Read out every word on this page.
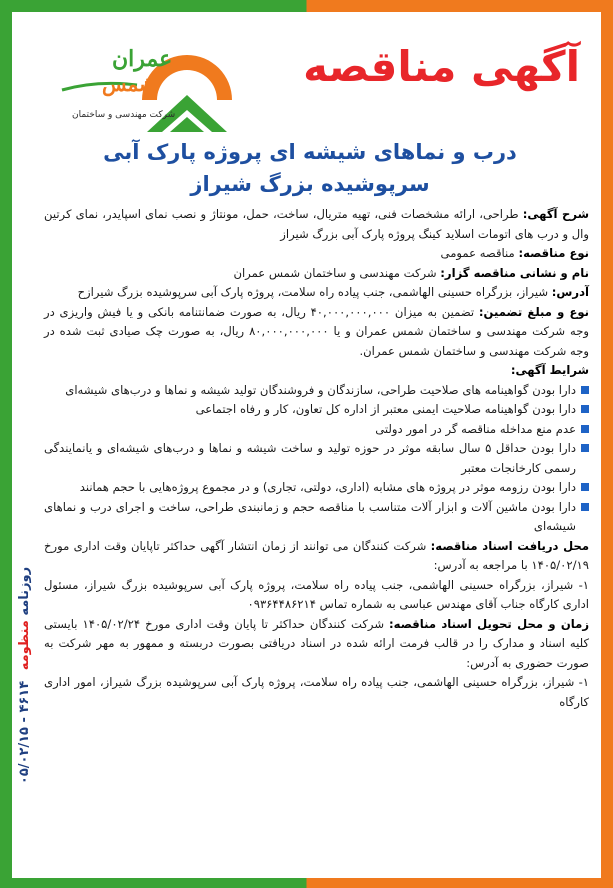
روزنامه منظومه ۰۵/۰۲/۱۵ - ۴۶۱۴
عمران
شمس
شرکت مهندسی و ساختمان
آگهی مناقصه
درب و نماهای شیشه ای پروژه پارک آبی
سرپوشیده بزرگ شیراز

شرح آگهی: طراحی، ارائه مشخصات فنی، تهیه متریال، ساخت، حمل، مونتاژ و نصب نمای اسپایدر، نمای کرتین وال و درب های اتومات اسلاید کینگ پروژه پارک آبی بزرگ شیراز

نوع مناقصه: مناقصه عمومی

نام و نشانی مناقصه گزار: شرکت مهندسی و ساختمان شمس عمران

آدرس: شیراز، بزرگراه حسینی الهاشمی، جنب پیاده راه سلامت، پروژه پارک آبی سرپوشیده بزرگ شیرازح

نوع و مبلغ تضمین: تضمین به میزان ۴۰,۰۰۰,۰۰۰,۰۰۰ ریال، به صورت ضمانتنامه بانکی و یا فیش واریزی در وجه شرکت مهندسی و ساختمان شمس عمران و یا ۸۰,۰۰۰,۰۰۰,۰۰۰ ریال، به صورت چک صیادی ثبت شده در وجه شرکت مهندسی و ساختمان شمس عمران.

شرایط آگهی:

دارا بودن گواهینامه های صلاحیت طراحی، سازندگان و فروشندگان تولید شیشه و نماها و درب‌های شیشه‌ای

دارا بودن گواهینامه صلاحیت ایمنی معتبر از اداره کل تعاون، کار و رفاه اجتماعی

عدم منع مداخله مناقصه گر در امور دولتی

دارا بودن حداقل ۵ سال سابقه موثر در حوزه تولید و ساخت شیشه و نماها و درب‌های شیشه‌ای و یانمایندگی رسمی کارخانجات معتبر

دارا بودن رزومه موثر در پروژه های مشابه (اداری، دولتی، تجاری) و در مجموع پروژه‌هایی با حجم همانند

دارا بودن ماشین آلات و ابزار آلات متناسب با مناقصه حجم و زمانبندی طراحی، ساخت و اجرای درب و نماهای شیشه‌ای

محل دریافت اسناد مناقصه: شرکت کنندگان می توانند از زمان انتشار آگهی حداکثر تاپایان وقت اداری مورخ ۱۴۰۵/۰۲/۱۹ با مراجعه به آدرس:

۱- شیراز، بزرگراه حسینی الهاشمی، جنب پیاده راه سلامت، پروژه پارک آبی سرپوشیده بزرگ شیراز، مسئول اداری کارگاه جناب آقای مهندس عباسی به شماره تماس ۰۹۳۶۴۴۸۶۲۱۴

زمان و محل تحویل اسناد مناقصه: شرکت کنندگان حداکثر تا پایان وقت اداری مورخ ۱۴۰۵/۰۲/۲۴ بایستی کلیه اسناد و مدارک را در قالب فرمت ارائه شده در اسناد دریافتی بصورت دربسته و ممهور به مهر شرکت به صورت حضوری به آدرس:

۱- شیراز، بزرگراه حسینی الهاشمی، جنب پیاده راه سلامت، پروژه پارک آبی سرپوشیده بزرگ شیراز، امور اداری کارگاه
